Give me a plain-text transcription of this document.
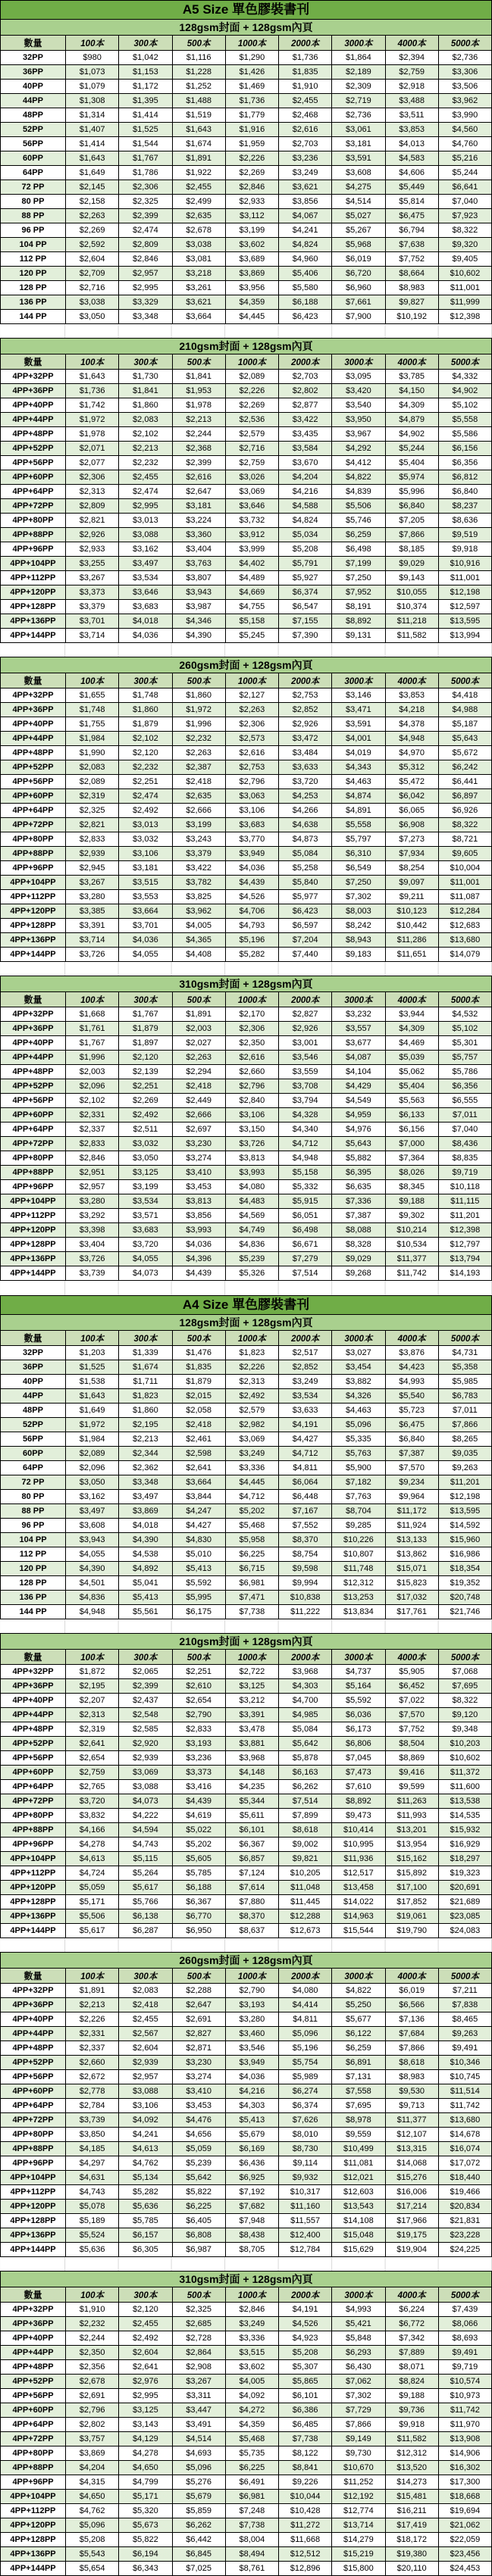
A5 Size 單色膠裝書刊
128gsm封面 + 128gsm內頁								
數量	100本	300本	500本	1000本	2000本	3000本	4000本	5000本
32PP	$980	$1,042	$1,116	$1,290	$1,736	$1,864	$2,394	$2,736
36PP	$1,073	$1,153	$1,228	$1,426	$1,835	$2,189	$2,759	$3,306
40PP	$1,079	$1,172	$1,252	$1,469	$1,910	$2,309	$2,918	$3,506
44PP	$1,308	$1,395	$1,488	$1,736	$2,455	$2,719	$3,488	$3,962
48PP	$1,314	$1,414	$1,519	$1,779	$2,468	$2,736	$3,511	$3,990
52PP	$1,407	$1,525	$1,643	$1,916	$2,616	$3,061	$3,853	$4,560
56PP	$1,414	$1,544	$1,674	$1,959	$2,703	$3,181	$4,013	$4,760
60PP	$1,643	$1,767	$1,891	$2,226	$3,236	$3,591	$4,583	$5,216
64PP	$1,649	$1,786	$1,922	$2,269	$3,249	$3,608	$4,606	$5,244
72 PP	$2,145	$2,306	$2,455	$2,846	$3,621	$4,275	$5,449	$6,641
80 PP	$2,158	$2,325	$2,499	$2,933	$3,856	$4,514	$5,814	$7,040
88 PP	$2,263	$2,399	$2,635	$3,112	$4,067	$5,027	$6,475	$7,923
96 PP	$2,269	$2,474	$2,678	$3,199	$4,241	$5,267	$6,794	$8,322
104 PP	$2,592	$2,809	$3,038	$3,602	$4,824	$5,968	$7,638	$9,320
112 PP	$2,604	$2,846	$3,081	$3,689	$4,960	$6,019	$7,752	$9,405
120 PP	$2,709	$2,957	$3,218	$3,869	$5,406	$6,720	$8,664	$10,602
128 PP	$2,716	$2,995	$3,261	$3,956	$5,580	$6,960	$8,983	$11,001
136 PP	$3,038	$3,329	$3,621	$4,359	$6,188	$7,661	$9,827	$11,999
144 PP	$3,050	$3,348	$3,664	$4,445	$6,423	$7,900	$10,192	$12,398
210gsm封面 + 128gsm內頁								
數量	100本	300本	500本	1000本	2000本	3000本	4000本	5000本
4PP+32PP	$1,643	$1,730	$1,841	$2,089	$2,703	$3,095	$3,785	$4,332
4PP+36PP	$1,736	$1,841	$1,953	$2,226	$2,802	$3,420	$4,150	$4,902
4PP+40PP	$1,742	$1,860	$1,978	$2,269	$2,877	$3,540	$4,309	$5,102
4PP+44PP	$1,972	$2,083	$2,213	$2,536	$3,422	$3,950	$4,879	$5,558
4PP+48PP	$1,978	$2,102	$2,244	$2,579	$3,435	$3,967	$4,902	$5,586
4PP+52PP	$2,071	$2,213	$2,368	$2,716	$3,584	$4,292	$5,244	$6,156
4PP+56PP	$2,077	$2,232	$2,399	$2,759	$3,670	$4,412	$5,404	$6,356
4PP+60PP	$2,306	$2,455	$2,616	$3,026	$4,204	$4,822	$5,974	$6,812
4PP+64PP	$2,313	$2,474	$2,647	$3,069	$4,216	$4,839	$5,996	$6,840
4PP+72PP	$2,809	$2,995	$3,181	$3,646	$4,588	$5,506	$6,840	$8,237
4PP+80PP	$2,821	$3,013	$3,224	$3,732	$4,824	$5,746	$7,205	$8,636
4PP+88PP	$2,926	$3,088	$3,360	$3,912	$5,034	$6,259	$7,866	$9,519
4PP+96PP	$2,933	$3,162	$3,404	$3,999	$5,208	$6,498	$8,185	$9,918
4PP+104PP	$3,255	$3,497	$3,763	$4,402	$5,791	$7,199	$9,029	$10,916
4PP+112PP	$3,267	$3,534	$3,807	$4,489	$5,927	$7,250	$9,143	$11,001
4PP+120PP	$3,373	$3,646	$3,943	$4,669	$6,374	$7,952	$10,055	$12,198
4PP+128PP	$3,379	$3,683	$3,987	$4,755	$6,547	$8,191	$10,374	$12,597
4PP+136PP	$3,701	$4,018	$4,346	$5,158	$7,155	$8,892	$11,218	$13,595
4PP+144PP	$3,714	$4,036	$4,390	$5,245	$7,390	$9,131	$11,582	$13,994
260gsm封面 + 128gsm內頁								
數量	100本	300本	500本	1000本	2000本	3000本	4000本	5000本
4PP+32PP	$1,655	$1,748	$1,860	$2,127	$2,753	$3,146	$3,853	$4,418
4PP+36PP	$1,748	$1,860	$1,972	$2,263	$2,852	$3,471	$4,218	$4,988
4PP+40PP	$1,755	$1,879	$1,996	$2,306	$2,926	$3,591	$4,378	$5,187
4PP+44PP	$1,984	$2,102	$2,232	$2,573	$3,472	$4,001	$4,948	$5,643
4PP+48PP	$1,990	$2,120	$2,263	$2,616	$3,484	$4,019	$4,970	$5,672
4PP+52PP	$2,083	$2,232	$2,387	$2,753	$3,633	$4,343	$5,312	$6,242
4PP+56PP	$2,089	$2,251	$2,418	$2,796	$3,720	$4,463	$5,472	$6,441
4PP+60PP	$2,319	$2,474	$2,635	$3,063	$4,253	$4,874	$6,042	$6,897
4PP+64PP	$2,325	$2,492	$2,666	$3,106	$4,266	$4,891	$6,065	$6,926
4PP+72PP	$2,821	$3,013	$3,199	$3,683	$4,638	$5,558	$6,908	$8,322
4PP+80PP	$2,833	$3,032	$3,243	$3,770	$4,873	$5,797	$7,273	$8,721
4PP+88PP	$2,939	$3,106	$3,379	$3,949	$5,084	$6,310	$7,934	$9,605
4PP+96PP	$2,945	$3,181	$3,422	$4,036	$5,258	$6,549	$8,254	$10,004
4PP+104PP	$3,267	$3,515	$3,782	$4,439	$5,840	$7,250	$9,097	$11,001
4PP+112PP	$3,280	$3,553	$3,825	$4,526	$5,977	$7,302	$9,211	$11,087
4PP+120PP	$3,385	$3,664	$3,962	$4,706	$6,423	$8,003	$10,123	$12,284
4PP+128PP	$3,391	$3,701	$4,005	$4,793	$6,597	$8,242	$10,442	$12,683
4PP+136PP	$3,714	$4,036	$4,365	$5,196	$7,204	$8,943	$11,286	$13,680
4PP+144PP	$3,726	$4,055	$4,408	$5,282	$7,440	$9,183	$11,651	$14,079
310gsm封面 + 128gsm內頁								
數量	100本	300本	500本	1000本	2000本	3000本	4000本	5000本
4PP+32PP	$1,668	$1,767	$1,891	$2,170	$2,827	$3,232	$3,944	$4,532
4PP+36PP	$1,761	$1,879	$2,003	$2,306	$2,926	$3,557	$4,309	$5,102
4PP+40PP	$1,767	$1,897	$2,027	$2,350	$3,001	$3,677	$4,469	$5,301
4PP+44PP	$1,996	$2,120	$2,263	$2,616	$3,546	$4,087	$5,039	$5,757
4PP+48PP	$2,003	$2,139	$2,294	$2,660	$3,559	$4,104	$5,062	$5,786
4PP+52PP	$2,096	$2,251	$2,418	$2,796	$3,708	$4,429	$5,404	$6,356
4PP+56PP	$2,102	$2,269	$2,449	$2,840	$3,794	$4,549	$5,563	$6,555
4PP+60PP	$2,331	$2,492	$2,666	$3,106	$4,328	$4,959	$6,133	$7,011
4PP+64PP	$2,337	$2,511	$2,697	$3,150	$4,340	$4,976	$6,156	$7,040
4PP+72PP	$2,833	$3,032	$3,230	$3,726	$4,712	$5,643	$7,000	$8,436
4PP+80PP	$2,846	$3,050	$3,274	$3,813	$4,948	$5,882	$7,364	$8,835
4PP+88PP	$2,951	$3,125	$3,410	$3,993	$5,158	$6,395	$8,026	$9,719
4PP+96PP	$2,957	$3,199	$3,453	$4,080	$5,332	$6,635	$8,345	$10,118
4PP+104PP	$3,280	$3,534	$3,813	$4,483	$5,915	$7,336	$9,188	$11,115
4PP+112PP	$3,292	$3,571	$3,856	$4,569	$6,051	$7,387	$9,302	$11,201
4PP+120PP	$3,398	$3,683	$3,993	$4,749	$6,498	$8,088	$10,214	$12,398
4PP+128PP	$3,404	$3,720	$4,036	$4,836	$6,671	$8,328	$10,534	$12,797
4PP+136PP	$3,726	$4,055	$4,396	$5,239	$7,279	$9,029	$11,377	$13,794
4PP+144PP	$3,739	$4,073	$4,439	$5,326	$7,514	$9,268	$11,742	$14,193
A4 Size 單色膠裝書刊
128gsm封面 + 128gsm內頁								
數量	100本	300本	500本	1000本	2000本	3000本	4000本	5000本
32PP	$1,203	$1,339	$1,476	$1,823	$2,517	$3,027	$3,876	$4,731
36PP	$1,525	$1,674	$1,835	$2,226	$2,852	$3,454	$4,423	$5,358
40PP	$1,538	$1,711	$1,879	$2,313	$3,249	$3,882	$4,993	$5,985
44PP	$1,643	$1,823	$2,015	$2,492	$3,534	$4,326	$5,540	$6,783
48PP	$1,649	$1,860	$2,058	$2,579	$3,633	$4,463	$5,723	$7,011
52PP	$1,972	$2,195	$2,418	$2,982	$4,191	$5,096	$6,475	$7,866
56PP	$1,984	$2,213	$2,461	$3,069	$4,427	$5,335	$6,840	$8,265
60PP	$2,089	$2,344	$2,598	$3,249	$4,712	$5,763	$7,387	$9,035
64PP	$2,096	$2,362	$2,641	$3,336	$4,811	$5,900	$7,570	$9,263
72 PP	$3,050	$3,348	$3,664	$4,445	$6,064	$7,182	$9,234	$11,201
80 PP	$3,162	$3,497	$3,844	$4,712	$6,448	$7,763	$9,964	$12,198
88 PP	$3,497	$3,869	$4,247	$5,202	$7,167	$8,704	$11,172	$13,595
96 PP	$3,608	$4,018	$4,427	$5,468	$7,552	$9,285	$11,924	$14,592
104 PP	$3,943	$4,390	$4,830	$5,958	$8,370	$10,226	$13,133	$15,960
112 PP	$4,055	$4,538	$5,010	$6,225	$8,754	$10,807	$13,862	$16,986
120 PP	$4,390	$4,892	$5,413	$6,715	$9,598	$11,748	$15,071	$18,354
128 PP	$4,501	$5,041	$5,592	$6,981	$9,994	$12,312	$15,823	$19,352
136 PP	$4,836	$5,413	$5,995	$7,471	$10,838	$13,253	$17,032	$20,748
144 PP	$4,948	$5,561	$6,175	$7,738	$11,222	$13,834	$17,761	$21,746
210gsm封面 + 128gsm內頁								
數量	100本	300本	500本	1000本	2000本	3000本	4000本	5000本
4PP+32PP	$1,872	$2,065	$2,251	$2,722	$3,968	$4,737	$5,905	$7,068
4PP+36PP	$2,195	$2,399	$2,610	$3,125	$4,303	$5,164	$6,452	$7,695
4PP+40PP	$2,207	$2,437	$2,654	$3,212	$4,700	$5,592	$7,022	$8,322
4PP+44PP	$2,313	$2,548	$2,790	$3,391	$4,985	$6,036	$7,570	$9,120
4PP+48PP	$2,319	$2,585	$2,833	$3,478	$5,084	$6,173	$7,752	$9,348
4PP+52PP	$2,641	$2,920	$3,193	$3,881	$5,642	$6,806	$8,504	$10,203
4PP+56PP	$2,654	$2,939	$3,236	$3,968	$5,878	$7,045	$8,869	$10,602
4PP+60PP	$2,759	$3,069	$3,373	$4,148	$6,163	$7,473	$9,416	$11,372
4PP+64PP	$2,765	$3,088	$3,416	$4,235	$6,262	$7,610	$9,599	$11,600
4PP+72PP	$3,720	$4,073	$4,439	$5,344	$7,514	$8,892	$11,263	$13,538
4PP+80PP	$3,832	$4,222	$4,619	$5,611	$7,899	$9,473	$11,993	$14,535
4PP+88PP	$4,166	$4,594	$5,022	$6,101	$8,618	$10,414	$13,201	$15,932
4PP+96PP	$4,278	$4,743	$5,202	$6,367	$9,002	$10,995	$13,954	$16,929
4PP+104PP	$4,613	$5,115	$5,605	$6,857	$9,821	$11,936	$15,162	$18,297
4PP+112PP	$4,724	$5,264	$5,785	$7,124	$10,205	$12,517	$15,892	$19,323
4PP+120PP	$5,059	$5,617	$6,188	$7,614	$11,048	$13,458	$17,100	$20,691
4PP+128PP	$5,171	$5,766	$6,367	$7,880	$11,445	$14,022	$17,852	$21,689
4PP+136PP	$5,506	$6,138	$6,770	$8,370	$12,288	$14,963	$19,061	$23,085
4PP+144PP	$5,617	$6,287	$6,950	$8,637	$12,673	$15,544	$19,790	$24,083
260gsm封面 + 128gsm內頁								
數量	100本	300本	500本	1000本	2000本	3000本	4000本	5000本
4PP+32PP	$1,891	$2,083	$2,288	$2,790	$4,080	$4,822	$6,019	$7,211
4PP+36PP	$2,213	$2,418	$2,647	$3,193	$4,414	$5,250	$6,566	$7,838
4PP+40PP	$2,226	$2,455	$2,691	$3,280	$4,811	$5,677	$7,136	$8,465
4PP+44PP	$2,331	$2,567	$2,827	$3,460	$5,096	$6,122	$7,684	$9,263
4PP+48PP	$2,337	$2,604	$2,871	$3,546	$5,196	$6,259	$7,866	$9,491
4PP+52PP	$2,660	$2,939	$3,230	$3,949	$5,754	$6,891	$8,618	$10,346
4PP+56PP	$2,672	$2,957	$3,274	$4,036	$5,989	$7,131	$8,983	$10,745
4PP+60PP	$2,778	$3,088	$3,410	$4,216	$6,274	$7,558	$9,530	$11,514
4PP+64PP	$2,784	$3,106	$3,453	$4,303	$6,374	$7,695	$9,713	$11,742
4PP+72PP	$3,739	$4,092	$4,476	$5,413	$7,626	$8,978	$11,377	$13,680
4PP+80PP	$3,850	$4,241	$4,656	$5,679	$8,010	$9,559	$12,107	$14,678
4PP+88PP	$4,185	$4,613	$5,059	$6,169	$8,730	$10,499	$13,315	$16,074
4PP+96PP	$4,297	$4,762	$5,239	$6,436	$9,114	$11,081	$14,068	$17,072
4PP+104PP	$4,631	$5,134	$5,642	$6,925	$9,932	$12,021	$15,276	$18,440
4PP+112PP	$4,743	$5,282	$5,822	$7,192	$10,317	$12,603	$16,006	$19,466
4PP+120PP	$5,078	$5,636	$6,225	$7,682	$11,160	$13,543	$17,214	$20,834
4PP+128PP	$5,189	$5,785	$6,405	$7,948	$11,557	$14,108	$17,966	$21,831
4PP+136PP	$5,524	$6,157	$6,808	$8,438	$12,400	$15,048	$19,175	$23,228
4PP+144PP	$5,636	$6,305	$6,987	$8,705	$12,784	$15,629	$19,904	$24,225
310gsm封面 + 128gsm內頁								
數量	100本	300本	500本	1000本	2000本	3000本	4000本	5000本
4PP+32PP	$1,910	$2,120	$2,325	$2,846	$4,191	$4,993	$6,224	$7,439
4PP+36PP	$2,232	$2,455	$2,685	$3,249	$4,526	$5,421	$6,772	$8,066
4PP+40PP	$2,244	$2,492	$2,728	$3,336	$4,923	$5,848	$7,342	$8,693
4PP+44PP	$2,350	$2,604	$2,864	$3,515	$5,208	$6,293	$7,889	$9,491
4PP+48PP	$2,356	$2,641	$2,908	$3,602	$5,307	$6,430	$8,071	$9,719
4PP+52PP	$2,678	$2,976	$3,267	$4,005	$5,865	$7,062	$8,824	$10,574
4PP+56PP	$2,691	$2,995	$3,311	$4,092	$6,101	$7,302	$9,188	$10,973
4PP+60PP	$2,796	$3,125	$3,447	$4,272	$6,386	$7,729	$9,736	$11,742
4PP+64PP	$2,802	$3,143	$3,491	$4,359	$6,485	$7,866	$9,918	$11,970
4PP+72PP	$3,757	$4,129	$4,514	$5,468	$7,738	$9,149	$11,582	$13,908
4PP+80PP	$3,869	$4,278	$4,693	$5,735	$8,122	$9,730	$12,312	$14,906
4PP+88PP	$4,204	$4,650	$5,096	$6,225	$8,841	$10,670	$13,520	$16,302
4PP+96PP	$4,315	$4,799	$5,276	$6,491	$9,226	$11,252	$14,273	$17,300
4PP+104PP	$4,650	$5,171	$5,679	$6,981	$10,044	$12,192	$15,481	$18,668
4PP+112PP	$4,762	$5,320	$5,859	$7,248	$10,428	$12,774	$16,211	$19,694
4PP+120PP	$5,096	$5,673	$6,262	$7,738	$11,272	$13,714	$17,419	$21,062
4PP+128PP	$5,208	$5,822	$6,442	$8,004	$11,668	$14,279	$18,172	$22,059
4PP+136PP	$5,543	$6,194	$6,845	$8,494	$12,512	$15,219	$19,380	$23,456
4PP+144PP	$5,654	$6,343	$7,025	$8,761	$12,896	$15,800	$20,110	$24,453
